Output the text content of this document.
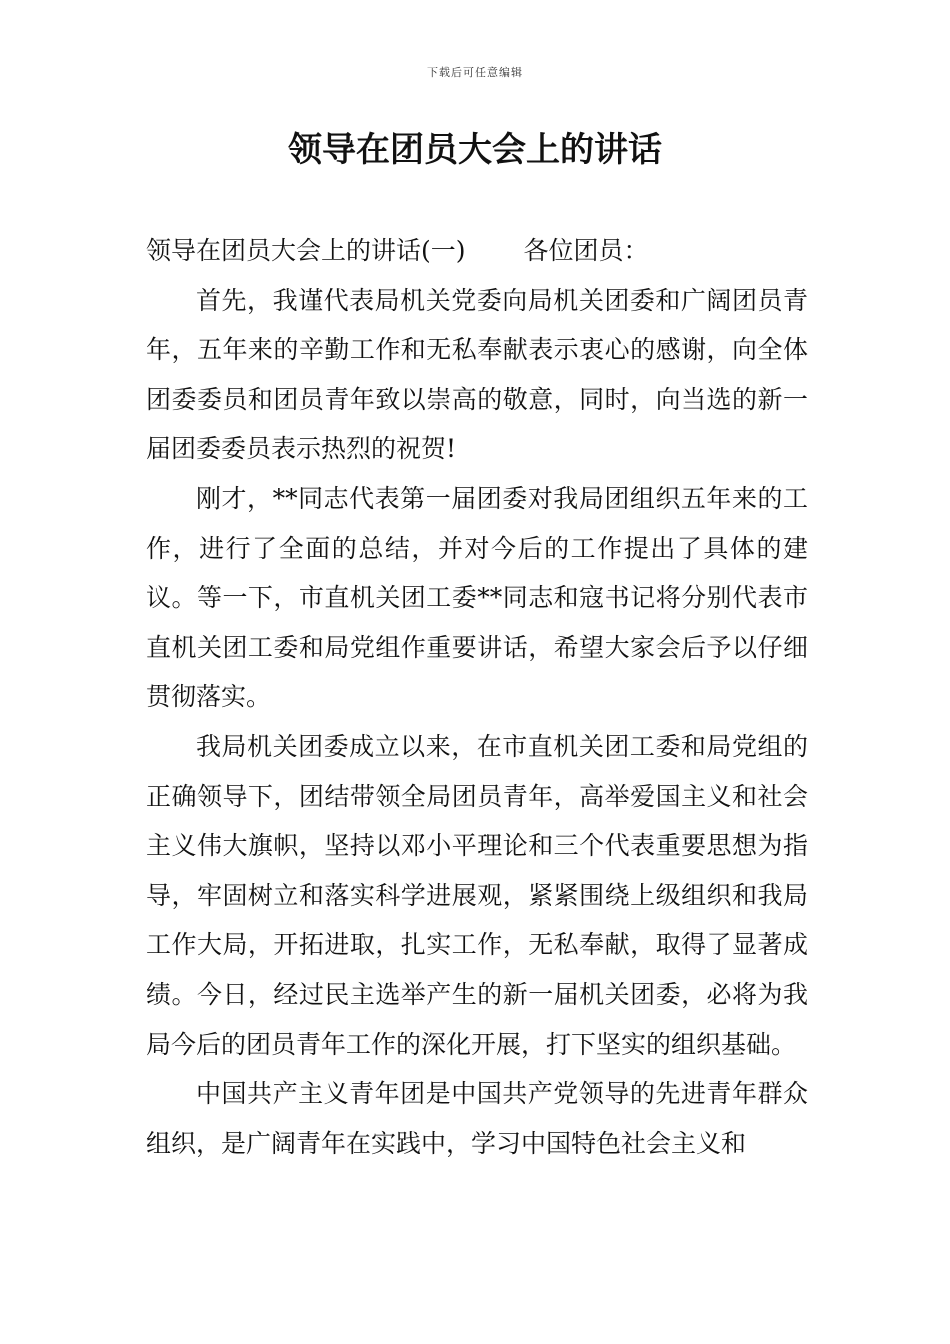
下载后可任意编辑
领导在团员大会上的讲话

领导在团员大会上的讲话(一) 各位团员：

首先，我谨代表局机关党委向局机关团委和广阔团员青年，五年来的辛勤工作和无私奉献表示衷心的感谢，向全体团委委员和团员青年致以崇高的敬意，同时，向当选的新一届团委委员表示热烈的祝贺!

刚才，**同志代表第一届团委对我局团组织五年来的工作，进行了全面的总结，并对今后的工作提出了具体的建议。等一下，市直机关团工委**同志和寇书记将分别代表市直机关团工委和局党组作重要讲话，希望大家会后予以仔细贯彻落实。

我局机关团委成立以来，在市直机关团工委和局党组的正确领导下，团结带领全局团员青年，高举爱国主义和社会主义伟大旗帜，坚持以邓小平理论和三个代表重要思想为指导，牢固树立和落实科学进展观，紧紧围绕上级组织和我局工作大局，开拓进取，扎实工作，无私奉献，取得了显著成绩。今日，经过民主选举产生的新一届机关团委，必将为我局今后的团员青年工作的深化开展，打下坚实的组织基础。

中国共产主义青年团是中国共产党领导的先进青年群众组织，是广阔青年在实践中，学习中国特色社会主义和
